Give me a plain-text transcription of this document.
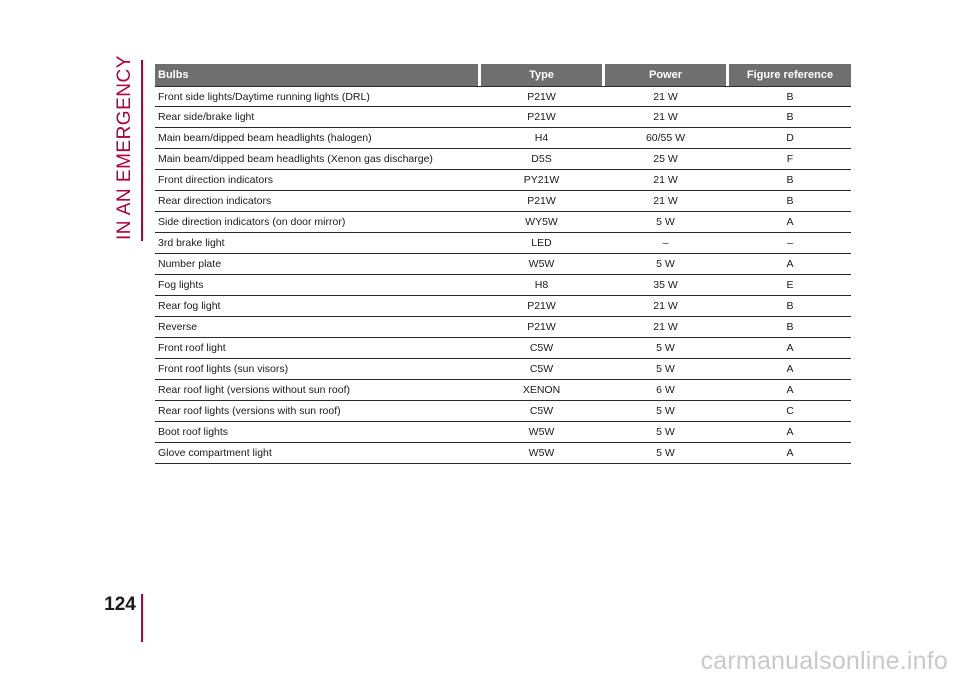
IN AN EMERGENCY	Bulbs	Type	Power	Figure reference
Front side lights/Daytime running lights (DRL)	P21W	21 W	B
Rear side/brake light	P21W	21 W	B
Main beam/dipped beam headlights (halogen)	H4	60/55 W	D
Main beam/dipped beam headlights (Xenon gas discharge)	D5S	25 W	F
Front direction indicators	PY21W	21 W	B
Rear direction indicators	P21W	21 W	B
Side direction indicators (on door mirror)	WY5W	5 W	A
3rd brake light	LED	–	–
Number plate	W5W	5 W	A
Fog lights	H8	35 W	E
Rear fog light	P21W	21 W	B
Reverse	P21W	21 W	B
Front roof light	C5W	5 W	A
Front roof lights (sun visors)	C5W	5 W	A
Rear roof light (versions without sun roof)	XENON	6 W	A
Rear roof lights (versions with sun roof)	C5W	5 W	C
Boot roof lights	W5W	5 W	A
Glove compartment light	W5W	5 W	A
124
carmanualsonline.info
